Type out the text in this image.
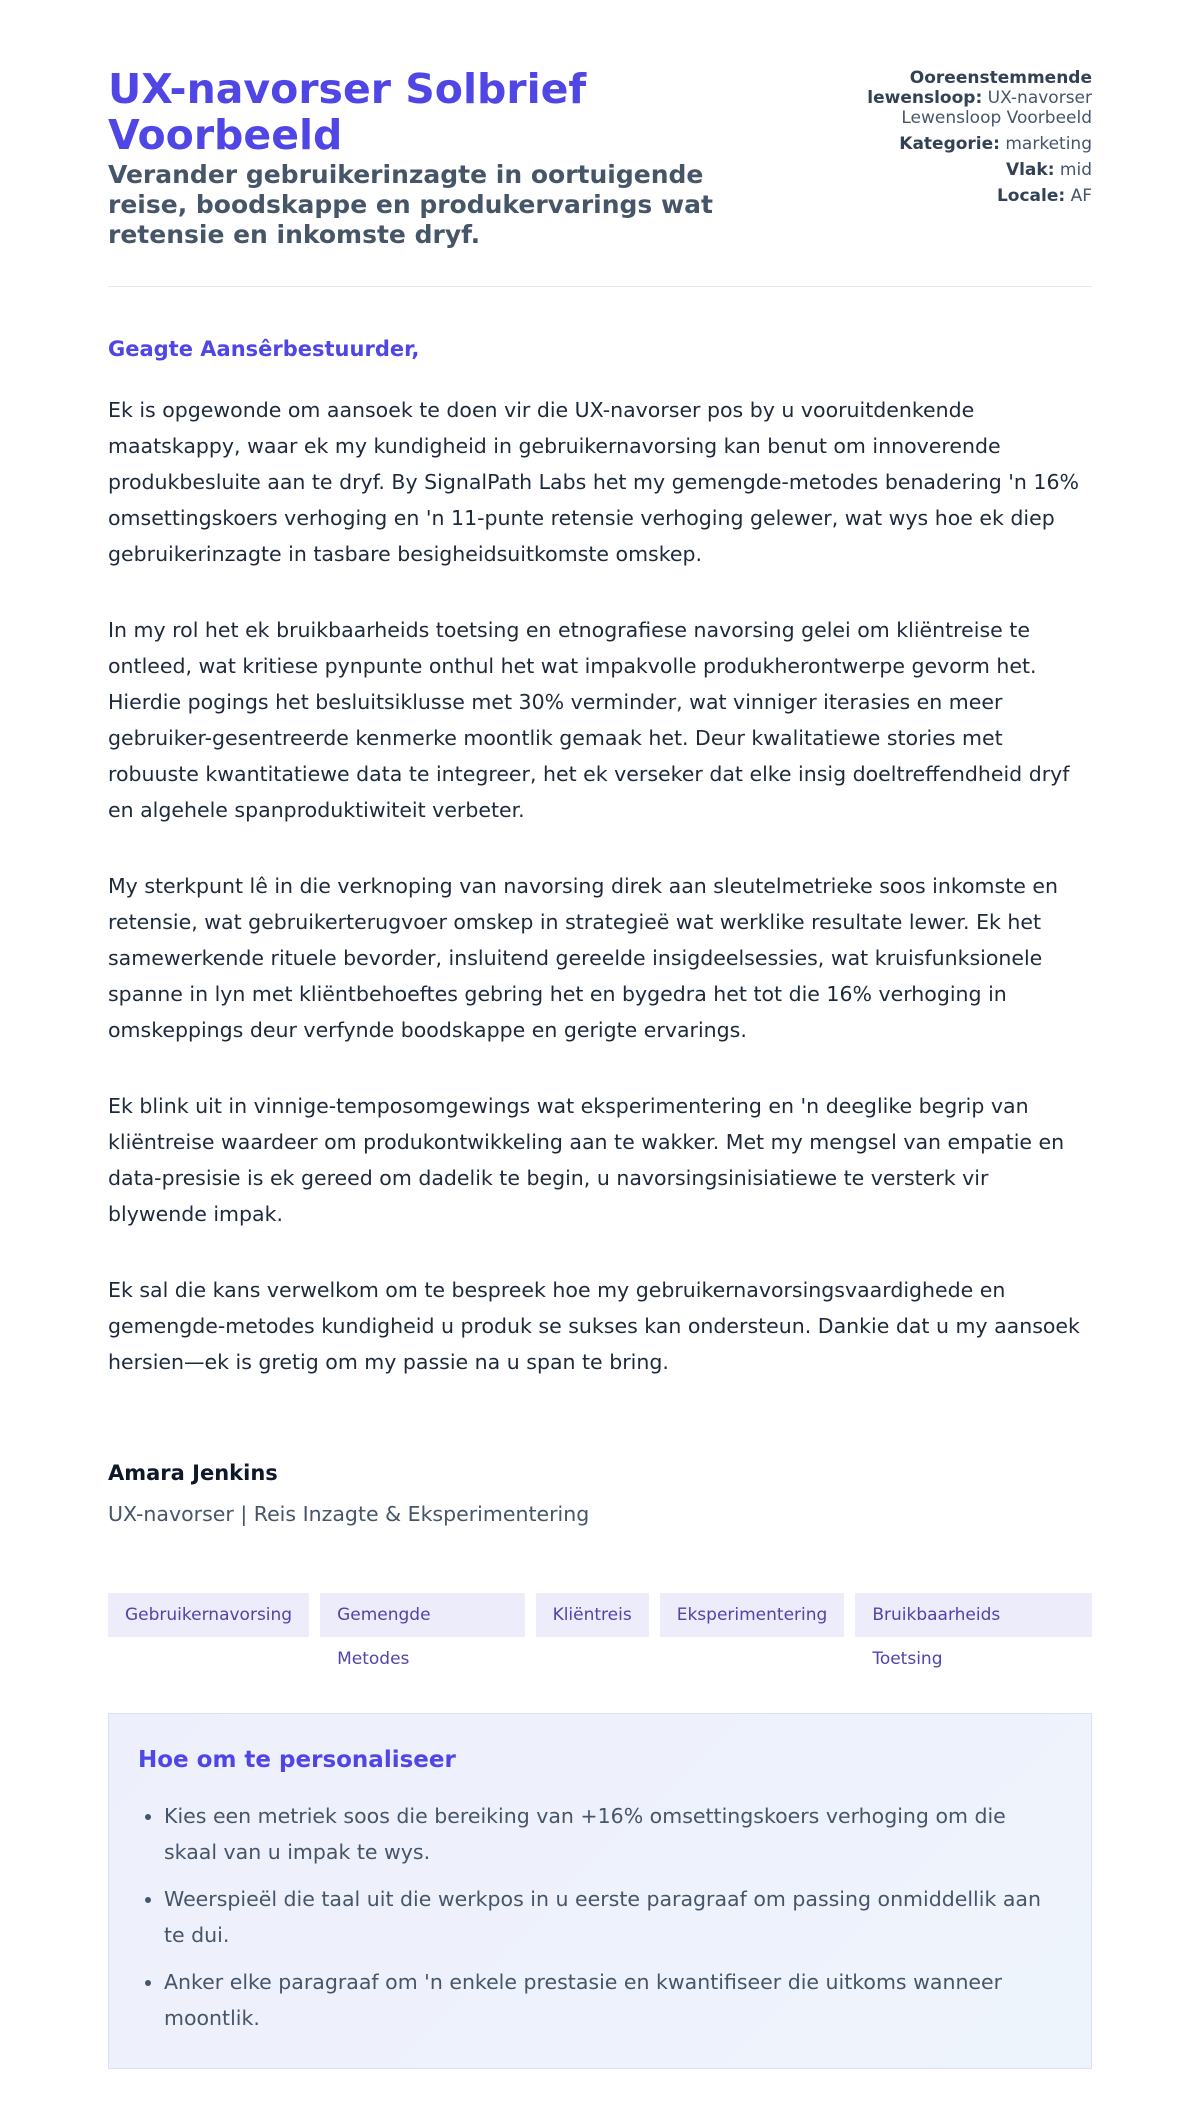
UX-navorser Solbrief Voorbeeld
Verander gebruikerinzagte in oortuigende reise, boodskappe en produkervarings wat retensie en inkomste dryf.
Ooreenstemmende lewensloop: UX-navorser Lewensloop Voorbeeld
Kategorie: marketing
Vlak: mid
Locale: AF
Geagte Aansêrbestuurder,

Ek is opgewonde om aansoek te doen vir die UX-navorser pos by u vooruitdenkende maatskappy, waar ek my kundigheid in gebruikernavorsing kan benut om innoverende produkbesluite aan te dryf. By SignalPath Labs het my gemengde-metodes benadering 'n 16% omsettingskoers verhoging en 'n 11-punte retensie verhoging gelewer, wat wys hoe ek diep gebruikerinzagte in tasbare besigheidsuitkomste omskep.

In my rol het ek bruikbaarheids toetsing en etnografiese navorsing gelei om kliëntreise te ontleed, wat kritiese pynpunte onthul het wat impakvolle produkherontwerpe gevorm het. Hierdie pogings het besluitsiklusse met 30% verminder, wat vinniger iterasies en meer gebruiker-gesentreerde kenmerke moontlik gemaak het. Deur kwalitatiewe stories met robuuste kwantitatiewe data te integreer, het ek verseker dat elke insig doeltreffendheid dryf en algehele spanproduktiwiteit verbeter.

My sterkpunt lê in die verknoping van navorsing direk aan sleutelmetrieke soos inkomste en retensie, wat gebruikerterugvoer omskep in strategieë wat werklike resultate lewer. Ek het samewerkende rituele bevorder, insluitend gereelde insigdeelsessies, wat kruisfunksionele spanne in lyn met kliëntbehoeftes gebring het en bygedra het tot die 16% verhoging in omskeppings deur verfynde boodskappe en gerigte ervarings.

Ek blink uit in vinnige-temposomgewings wat eksperimentering en 'n deeglike begrip van kliëntreise waardeer om produkontwikkeling aan te wakker. Met my mengsel van empatie en data-presisie is ek gereed om dadelik te begin, u navorsingsinisiatiewe te versterk vir blywende impak.

Ek sal die kans verwelkom om te bespreek hoe my gebruikernavorsingsvaardighede en gemengde-metodes kundigheid u produk se sukses kan ondersteun. Dankie dat u my aansoek hersien—ek is gretig om my passie na u span te bring.

Amara Jenkins
UX-navorser | Reis Inzagte & Eksperimentering
Gebruikernavorsing	Gemengde Metodes
Kliëntreis	Eksperimentering	Bruikbaarheids Toetsing
Hoe om te personaliseer
• Kies een metriek soos die bereiking van +16% omsettingskoers verhoging om die skaal van u impak te wys.
• Weerspieël die taal uit die werkpos in u eerste paragraaf om passing onmiddellik aan te dui.
• Anker elke paragraaf om 'n enkele prestasie en kwantifiseer die uitkoms wanneer moontlik.
